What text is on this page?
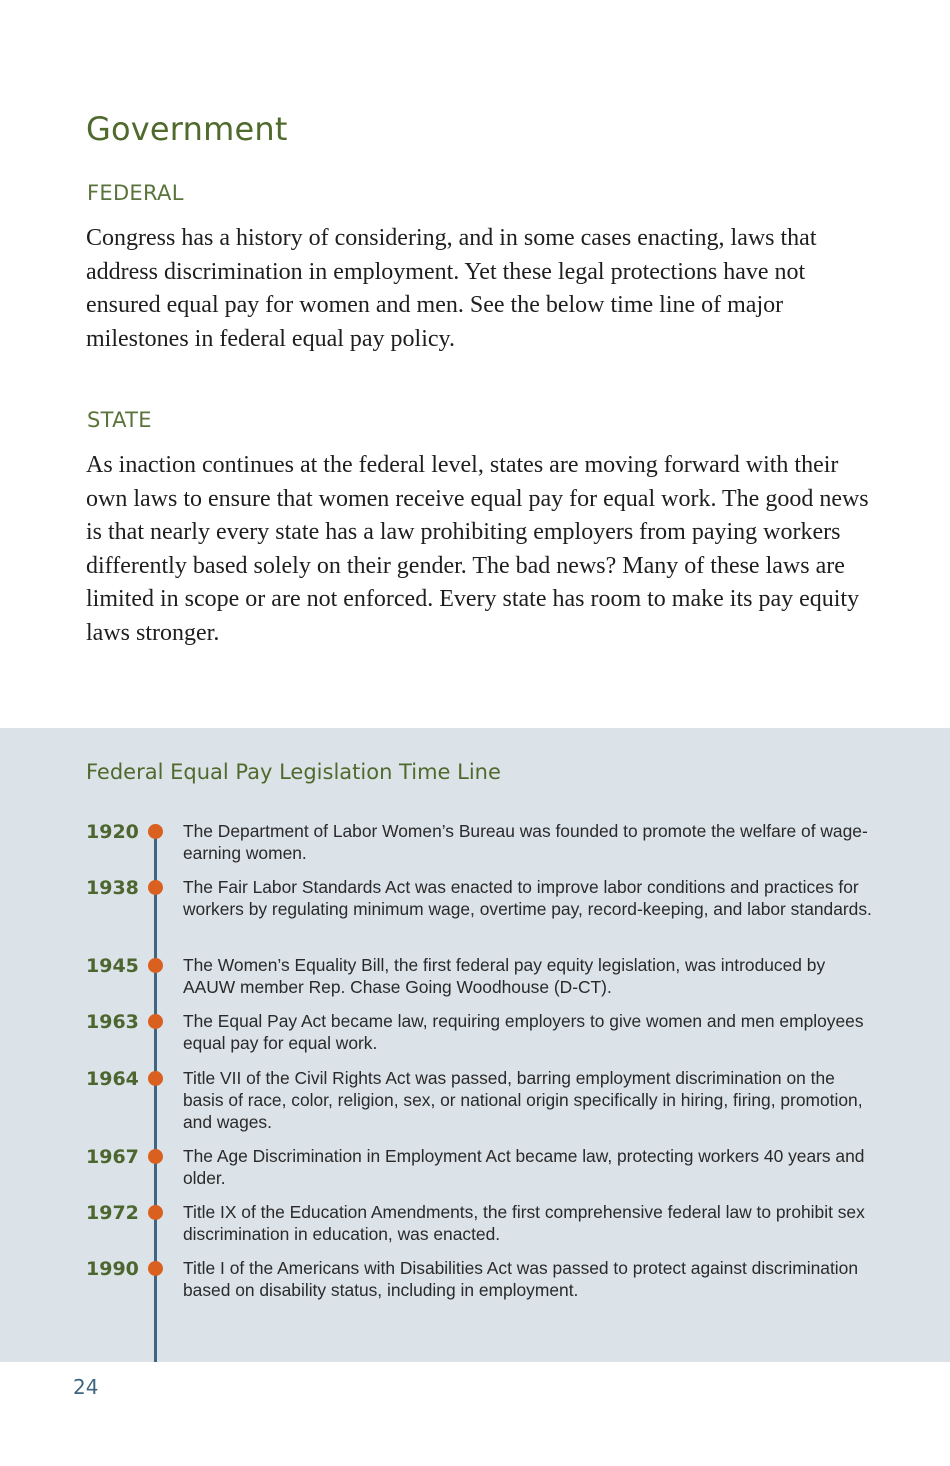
Government
FEDERAL

Congress has a history of considering, and in some cases enacting, laws that address discrimination in employment. Yet these legal protections have not ensured equal pay for women and men. See the below time line of major milestones in federal equal pay policy.

STATE

As inaction continues at the federal level, states are moving forward with their own laws to ensure that women receive equal pay for equal work. The good news is that nearly every state has a law prohibiting employers from paying workers differently based solely on their gender. The bad news? Many of these laws are limited in scope or are not enforced. Every state has room to make its pay equity laws stronger.

Federal Equal Pay Legislation Time Line
1920	The Department of Labor Women’s Bureau was founded to promote the welfare of wage-earning women.
1938	The Fair Labor Standards Act was enacted to improve labor conditions and practices for workers by regulating minimum wage, overtime pay, record-keeping, and labor standards.
1945	The Women’s Equality Bill, the first federal pay equity legislation, was introduced by AAUW member Rep. Chase Going Woodhouse (D-CT).
1963	The Equal Pay Act became law, requiring employers to give women and men employees equal pay for equal work.
1964	Title VII of the Civil Rights Act was passed, barring employment discrimination on the basis of race, color, religion, sex, or national origin specifically in hiring, firing, promotion, and wages.
1967	The Age Discrimination in Employment Act became law, protecting workers 40 years and older.
1972	Title IX of the Education Amendments, the first comprehensive federal law to prohibit sex discrimination in education, was enacted.
1990	Title I of the Americans with Disabilities Act was passed to protect against discrimination based on disability status, including in employment.
24
